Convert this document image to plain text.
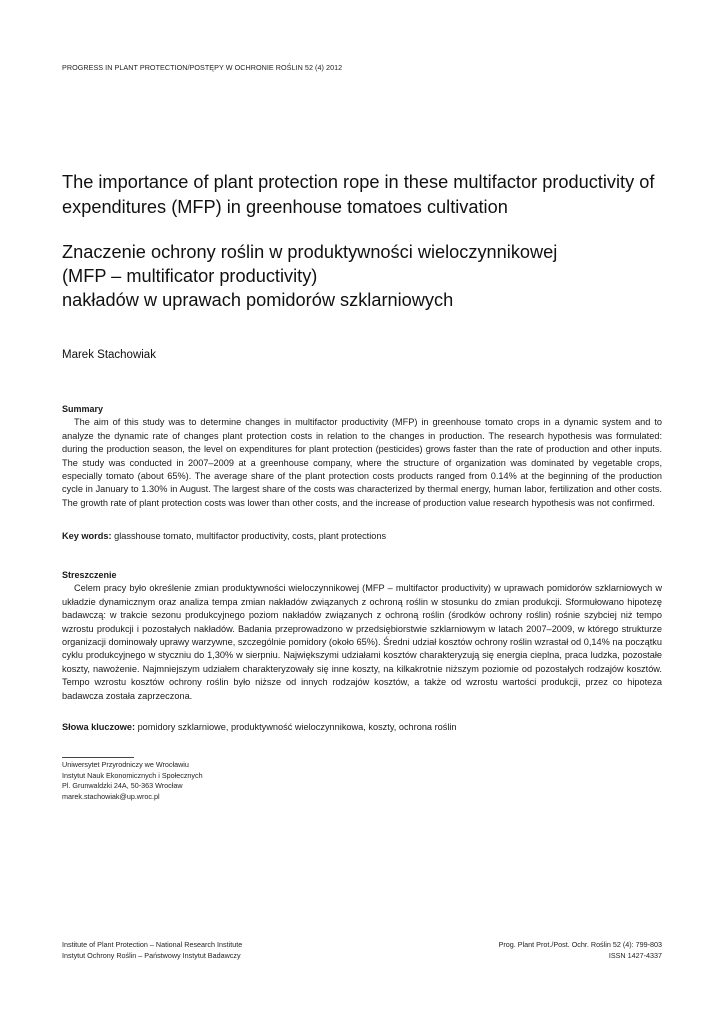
PROGRESS IN PLANT PROTECTION/POSTĘPY W OCHRONIE ROŚLIN 52 (4) 2012
The importance of plant protection rope in these multifactor productivity of expenditures (MFP) in greenhouse tomatoes cultivation
Znaczenie ochrony roślin w produktywności wieloczynnikowej
(MFP – multificator productivity)
nakładów w uprawach pomidorów szklarniowych
Marek Stachowiak

Summary

The aim of this study was to determine changes in multifactor productivity (MFP) in greenhouse tomato crops in a dynamic system and to analyze the dynamic rate of changes plant protection costs in relation to the changes in production. The research hypothesis was formulated: during the production season, the level on expenditures for plant protection (pesticides) grows faster than the rate of production and other inputs. The study was conducted in 2007–2009 at a greenhouse company, where the structure of organization was dominated by vegetable crops, especially tomato (about 65%). The average share of the plant protection costs products ranged from 0.14% at the beginning of the production cycle in January to 1.30% in August. The largest share of the costs was characterized by thermal energy, human labor, fertilization and other costs. The growth rate of plant protection costs was lower than other costs, and the increase of production value research hypothesis was not confirmed.

Key words: glasshouse tomato, multifactor productivity, costs, plant protections

Streszczenie

Celem pracy było określenie zmian produktywności wieloczynnikowej (MFP – multifactor productivity) w uprawach pomidorów szklarniowych w układzie dynamicznym oraz analiza tempa zmian nakładów związanych z ochroną roślin w stosunku do zmian produkcji. Sformułowano hipotezę badawczą: w trakcie sezonu produkcyjnego poziom nakładów związanych z ochroną roślin (środków ochrony roślin) rośnie szybciej niż tempo wzrostu produkcji i pozostałych nakładów. Badania przeprowadzono w przedsiębiorstwie szklarniowym w latach 2007–2009, w którego strukturze organizacji dominowały uprawy warzywne, szczególnie pomidory (około 65%). Średni udział kosztów ochrony roślin wzrastał od 0,14% na początku cyklu produkcyjnego w styczniu do 1,30% w sierpniu. Największymi udziałami kosztów charakteryzują się energia cieplna, praca ludzka, pozostałe koszty, nawożenie. Najmniejszym udziałem charakteryzowały się inne koszty, na kilkakrotnie niższym poziomie od pozostałych rodzajów kosztów. Tempo wzrostu kosztów ochrony roślin było niższe od innych rodzajów kosztów, a także od wzrostu wartości produkcji, przez co hipoteza badawcza została zaprzeczona.

Słowa kluczowe: pomidory szklarniowe, produktywność wieloczynnikowa, koszty, ochrona roślin
Uniwersytet Przyrodniczy we Wrocławiu
Instytut Nauk Ekonomicznych i Społecznych
Pl. Grunwaldzki 24A, 50-363 Wrocław
marek.stachowiak@up.wroc.pl
Institute of Plant Protection – National Research Institute
Instytut Ochrony Roślin – Państwowy Instytut Badawczy
Prog. Plant Prot./Post. Ochr. Roślin 52 (4): 799-803
ISSN 1427-4337
